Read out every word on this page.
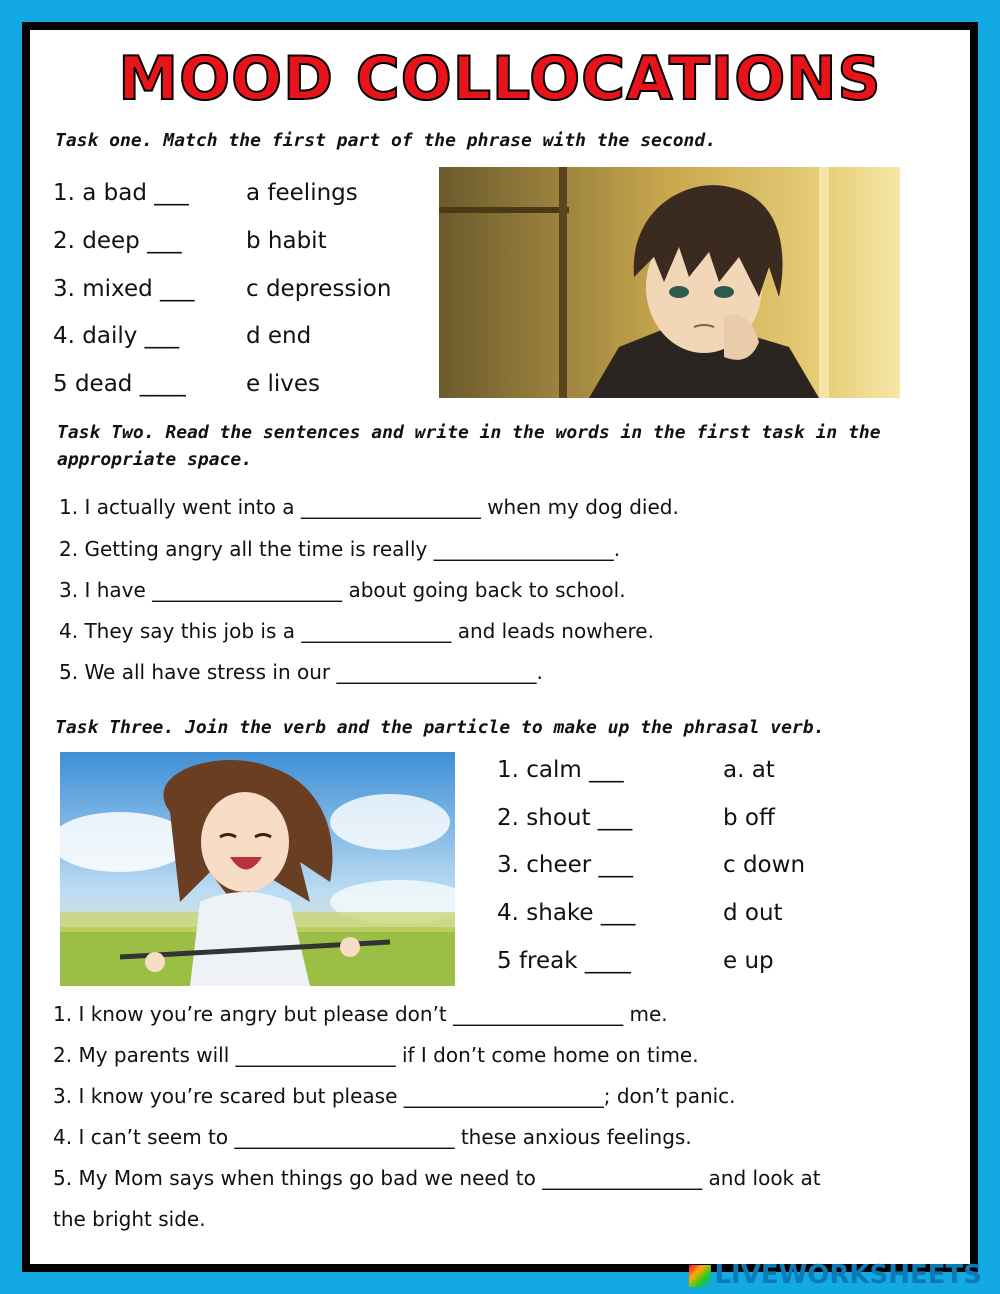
MOOD COLLOCATIONS
Task one. Match the first part of the phrase with the second.
1. a bad ___
2. deep ___
3. mixed ___
4. daily ___
5 dead ____
a feelings
b habit
c depression
d end
e lives
Task Two. Read the sentences and write in the words in the first task in the
appropriate space.
1. I actually went into a __________________ when my dog died.
2. Getting angry all the time is really __________________.
3. I have ___________________ about going back to school.
4. They say this job is a _______________ and leads nowhere.
5. We all have stress in our ____________________.
Task Three. Join the verb and the particle to make up the phrasal verb.
1. calm ___
2. shout ___
3. cheer ___
4. shake ___
5 freak ____
a. at
b off
c down
d out
e up
1. I know you’re angry but please don’t _________________ me.
2. My parents will ________________ if I don’t come home on time.
3. I know you’re scared but please ____________________; don’t panic.
4. I can’t seem to ______________________ these anxious feelings.
5. My Mom says when things go bad we need to ________________ and look at
the bright side.
LIVEWORKSHEETS
